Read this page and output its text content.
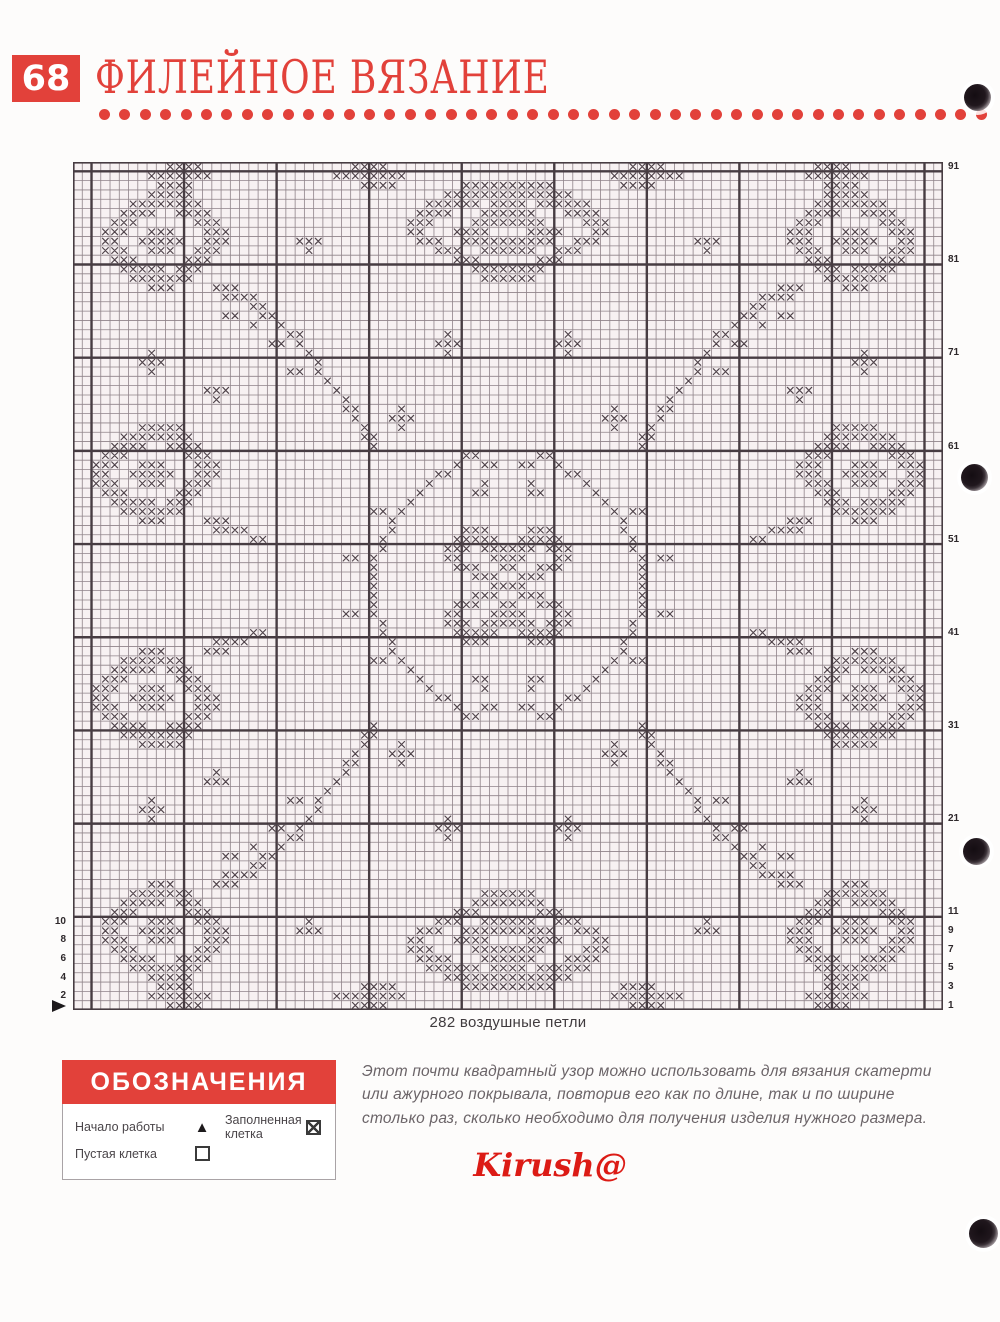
68 ФИЛЕЙНОЕ ВЯЗАНИЕ
91
81
71
61
51
41
31
21
11
9
7
5
3
1
10
8
6
4
2
282 воздушные петли
ОБОЗНАЧЕНИЯ
Начало работы	▲ Заполненная клетка
Пустая клетка

Этот почти квадратный узор можно использовать для вязания скатерти или ажурного покрывала, повторив его как по длине, так и по ширине столько раз, сколько необходимо для получения изделия нужного размера.

Kirush@
